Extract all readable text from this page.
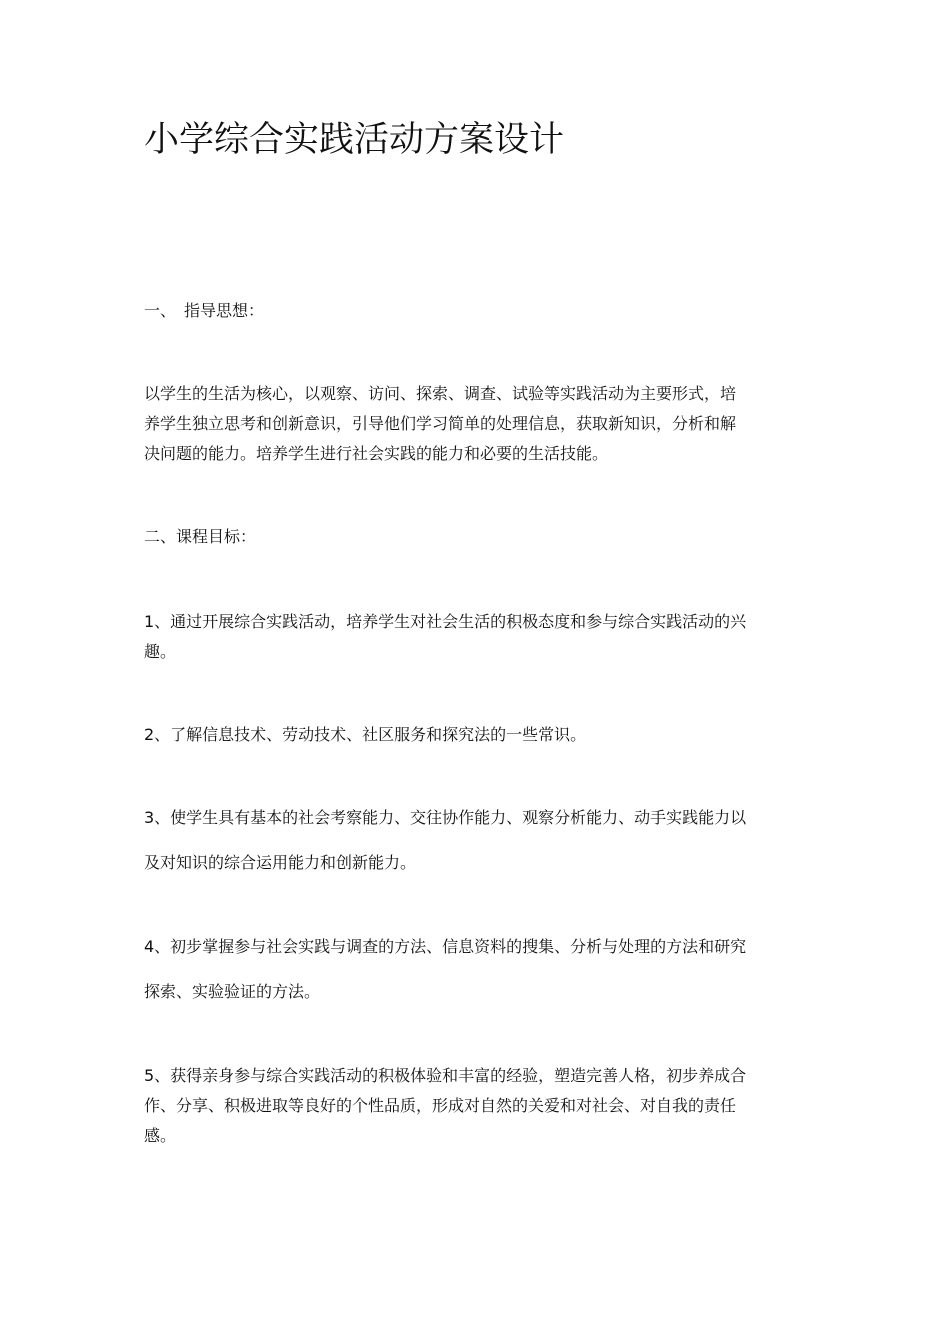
小学综合实践活动方案设计
一、　指导思想：
以学生的生活为核心，以观察、访问、探索、调查、试验等实践活动为主要形式，培
养学生独立思考和创新意识，引导他们学习简单的处理信息，获取新知识，分析和解
决问题的能力。培养学生进行社会实践的能力和必要的生活技能。
二、课程目标：
1、通过开展综合实践活动，培养学生对社会生活的积极态度和参与综合实践活动的兴
趣。
2、了解信息技术、劳动技术、社区服务和探究法的一些常识。
3、使学生具有基本的社会考察能力、交往协作能力、观察分析能力、动手实践能力以
及对知识的综合运用能力和创新能力。
4、初步掌握参与社会实践与调查的方法、信息资料的搜集、分析与处理的方法和研究
探索、实验验证的方法。
5、获得亲身参与综合实践活动的积极体验和丰富的经验，塑造完善人格，初步养成合
作、分享、积极进取等良好的个性品质，形成对自然的关爱和对社会、对自我的责任
感。
